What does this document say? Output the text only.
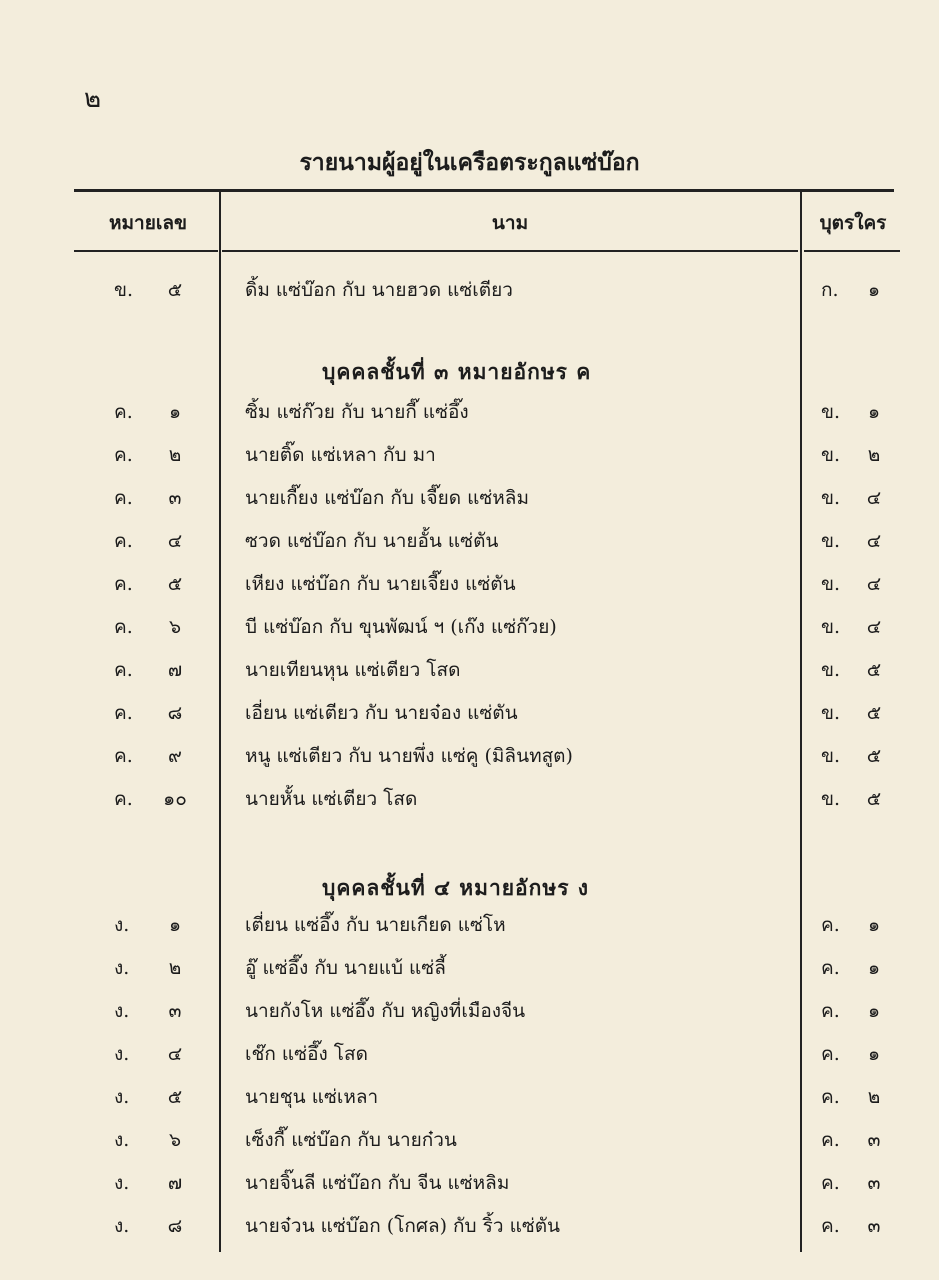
๒
รายนามผู้อยู่ในเครือตระกูลแซ่บ๊อก
หมายเลข	นาม	บุตรใคร
ข.	๕	ดิ้ม แซ่บ๊อก กับ นายฮวด แซ่เตียว	ก.	๑
บุคคลชั้นที่ ๓ หมายอักษร ค
ค.	๑	ซิ้ม แซ่ก๊วย กับ นายกี๊ แซ่อึ๊ง	ข.	๑
ค.	๒	นายติ๊ด แซ่เหลา กับ มา	ข.	๒
ค.	๓	นายเกี๊ยง แซ่บ๊อก กับ เจี๊ยด แซ่หลิม	ข. ๔
ค.	๔	ซวด แซ่บ๊อก กับ นายอั้น แซ่ตัน	ข. ๔
ค.	๕	เหียง แซ่บ๊อก กับ นายเจี๊ยง แซ่ตัน	ข. ๔
ค.	๖	บี แซ่บ๊อก กับ ขุนพัฒน์ ฯ (เก๊ง แซ่ก๊วย)	ข. ๔
ค.	๗	นายเทียนหุน แซ่เตียว โสด	ข. ๕
ค.	๘	เอี่ยน แซ่เตียว กับ นายจ๋อง แซ่ตัน	ข. ๕
ค.	๙	หนู แซ่เตียว กับ นายพึ่ง แซ่คู (มิลินทสูต)	ข. ๕
ค. ๑๐	นายหั้น แซ่เตียว โสด	ข. ๕
บุคคลชั้นที่ ๔ หมายอักษร ง
ง.	๑	เตี่ยน แซ่อึ๊ง กับ นายเกียด แซ่โห	ค.	๑
ง.	๒	อู๊ แซ่อึ๊ง กับ นายแบ้ แซ่ลี้	ค.	๑
ง.	๓	นายกังโห แซ่อึ๊ง กับ หญิงที่เมืองจีน	ค.	๑
ง.	๔	เช๊ก แซ่อึ๊ง โสด	ค.	๑
ง.	๕	นายชุน แซ่เหลา	ค.	๒
ง.	๖	เซ็งกี๊ แซ่บ๊อก กับ นายก๋วน	ค. ๓
ง.	๗	นายจิ๊นลี แซ่บ๊อก กับ จีน แซ่หลิม	ค. ๓
ง.	๘	นายจ๋วน แซ่บ๊อก (โกศล) กับ ริ้ว แซ่ตัน	ค. ๓
